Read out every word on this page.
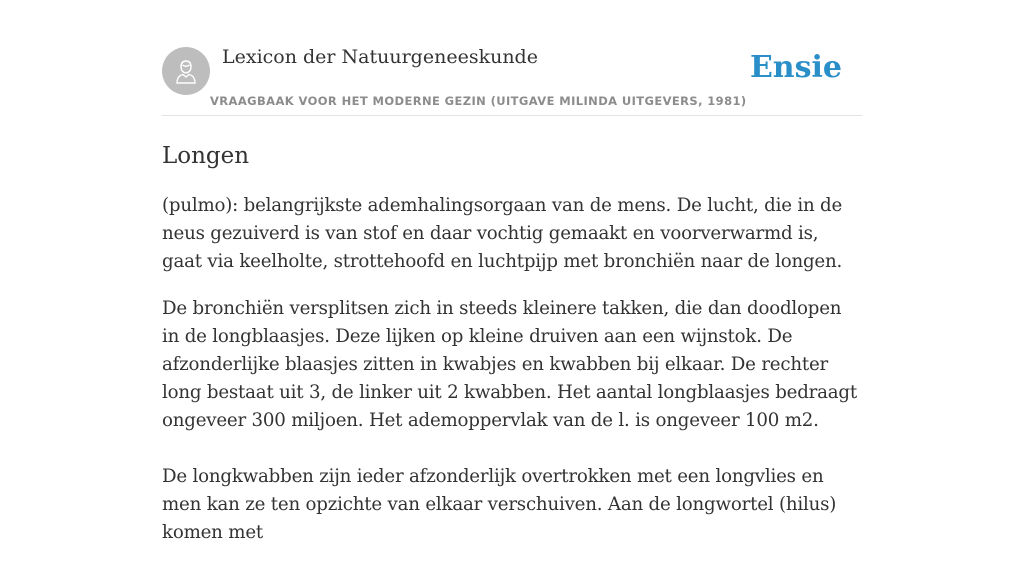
Lexicon der Natuurgeneeskunde
VRAAGBAAK VOOR HET MODERNE GEZIN (UITGAVE MILINDA UITGEVERS, 1981)
Ensie
Longen

(pulmo): belangrijkste ademhalingsorgaan van de mens. De lucht, die in de neus gezuiverd is van stof en daar vochtig gemaakt en voorverwarmd is, gaat via keelholte, strottehoofd en luchtpijp met bronchiën naar de longen.

De bronchiën versplitsen zich in steeds kleinere takken, die dan doodlopen in de longblaasjes. Deze lijken op kleine druiven aan een wijnstok. De afzonderlijke blaasjes zitten in kwabjes en kwabben bij elkaar. De rechter long bestaat uit 3, de linker uit 2 kwabben. Het aantal longblaasjes bedraagt ongeveer 300 miljoen. Het ademoppervlak van de l. is ongeveer 100 m2.

De longkwabben zijn ieder afzonderlijk overtrokken met een longvlies en men kan ze ten opzichte van elkaar verschuiven. Aan de longwortel (hilus) komen met
